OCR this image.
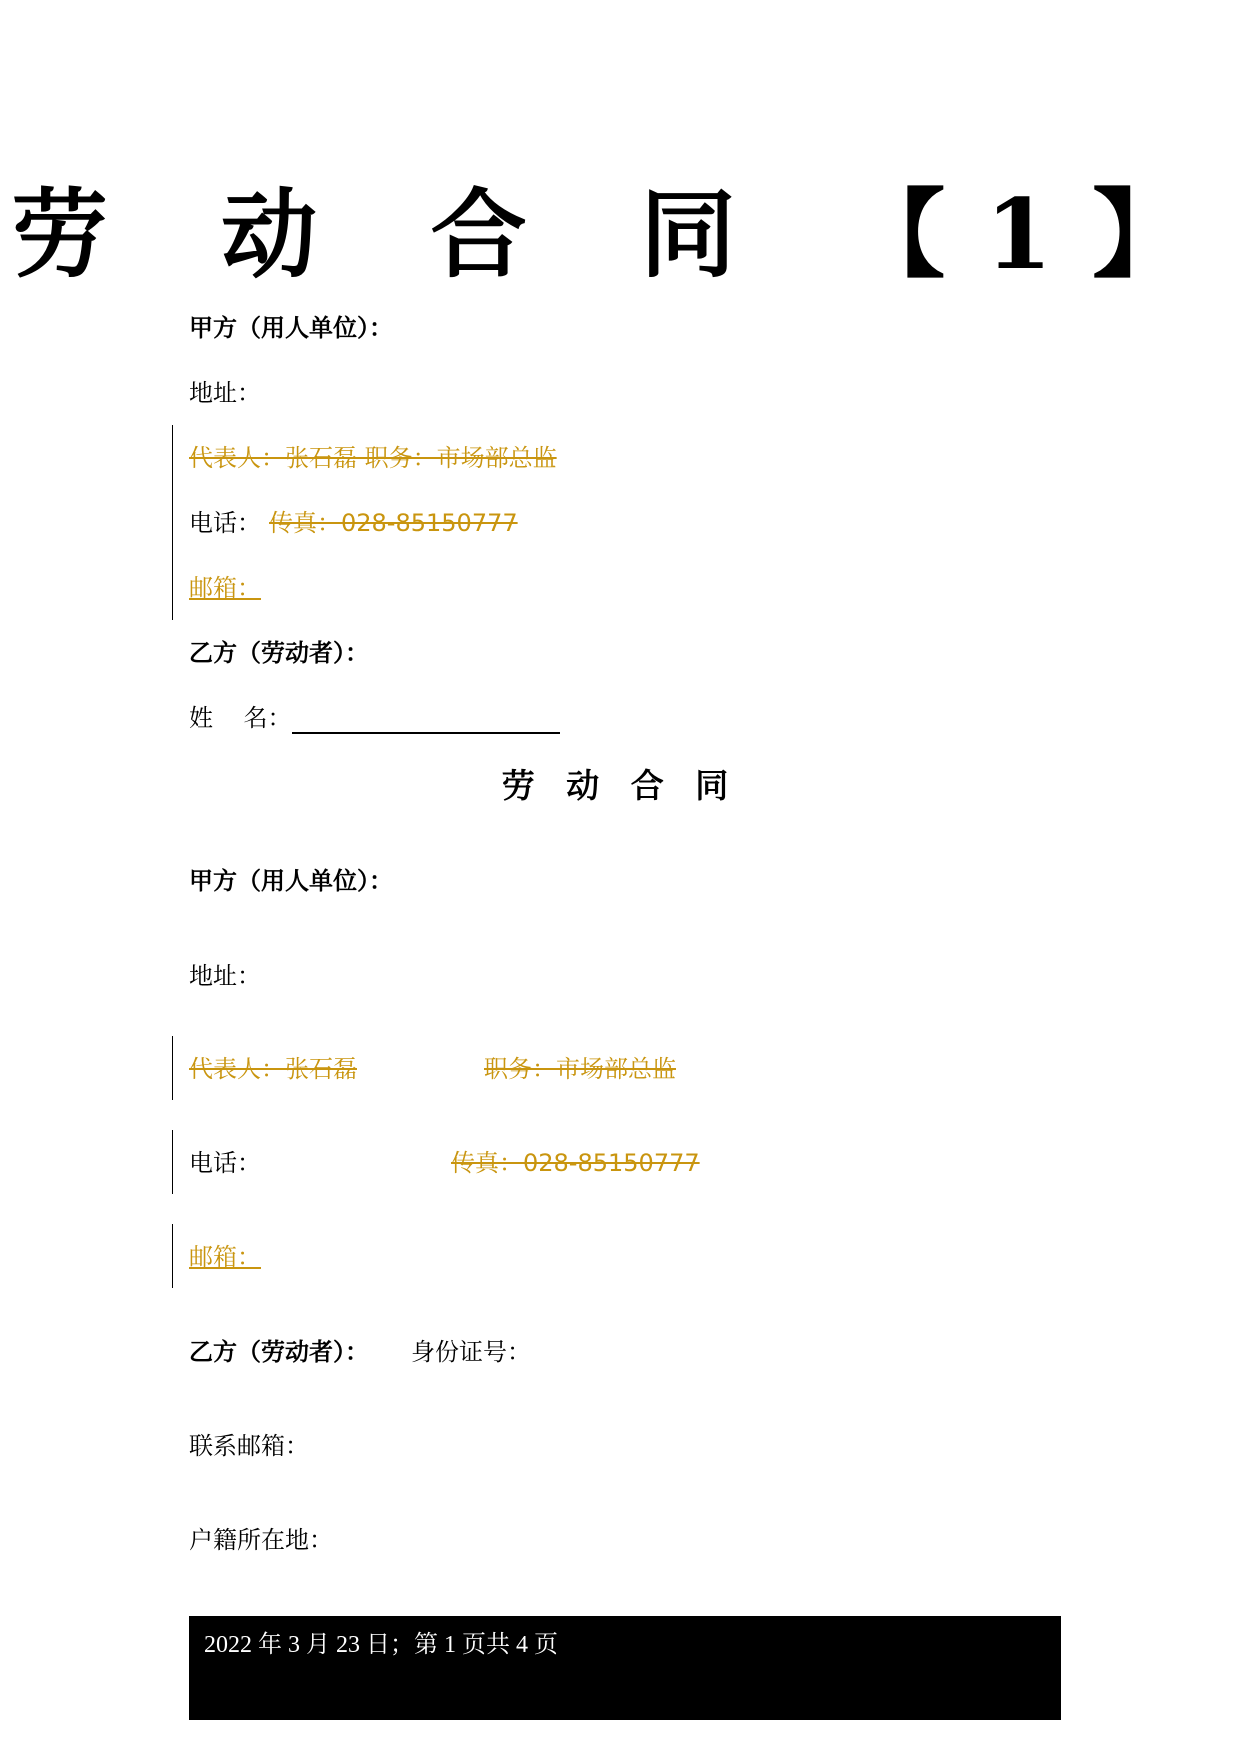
劳 动 合 同 【1】
甲方（用人单位）：
地址：
代表人：张石磊 职务：市场部总监
电话： 传真：028-85150777
邮箱：
乙方（劳动者）：
姓    名：
劳 动 合 同
甲方（用人单位）：
地址：
代表人：张石磊	职务：市场部总监
电话：	传真：028-85150777
邮箱：
乙方（劳动者）： 身份证号：
联系邮箱：
户籍所在地：
2022 年 3 月 23 日；第 1 页共 4 页
